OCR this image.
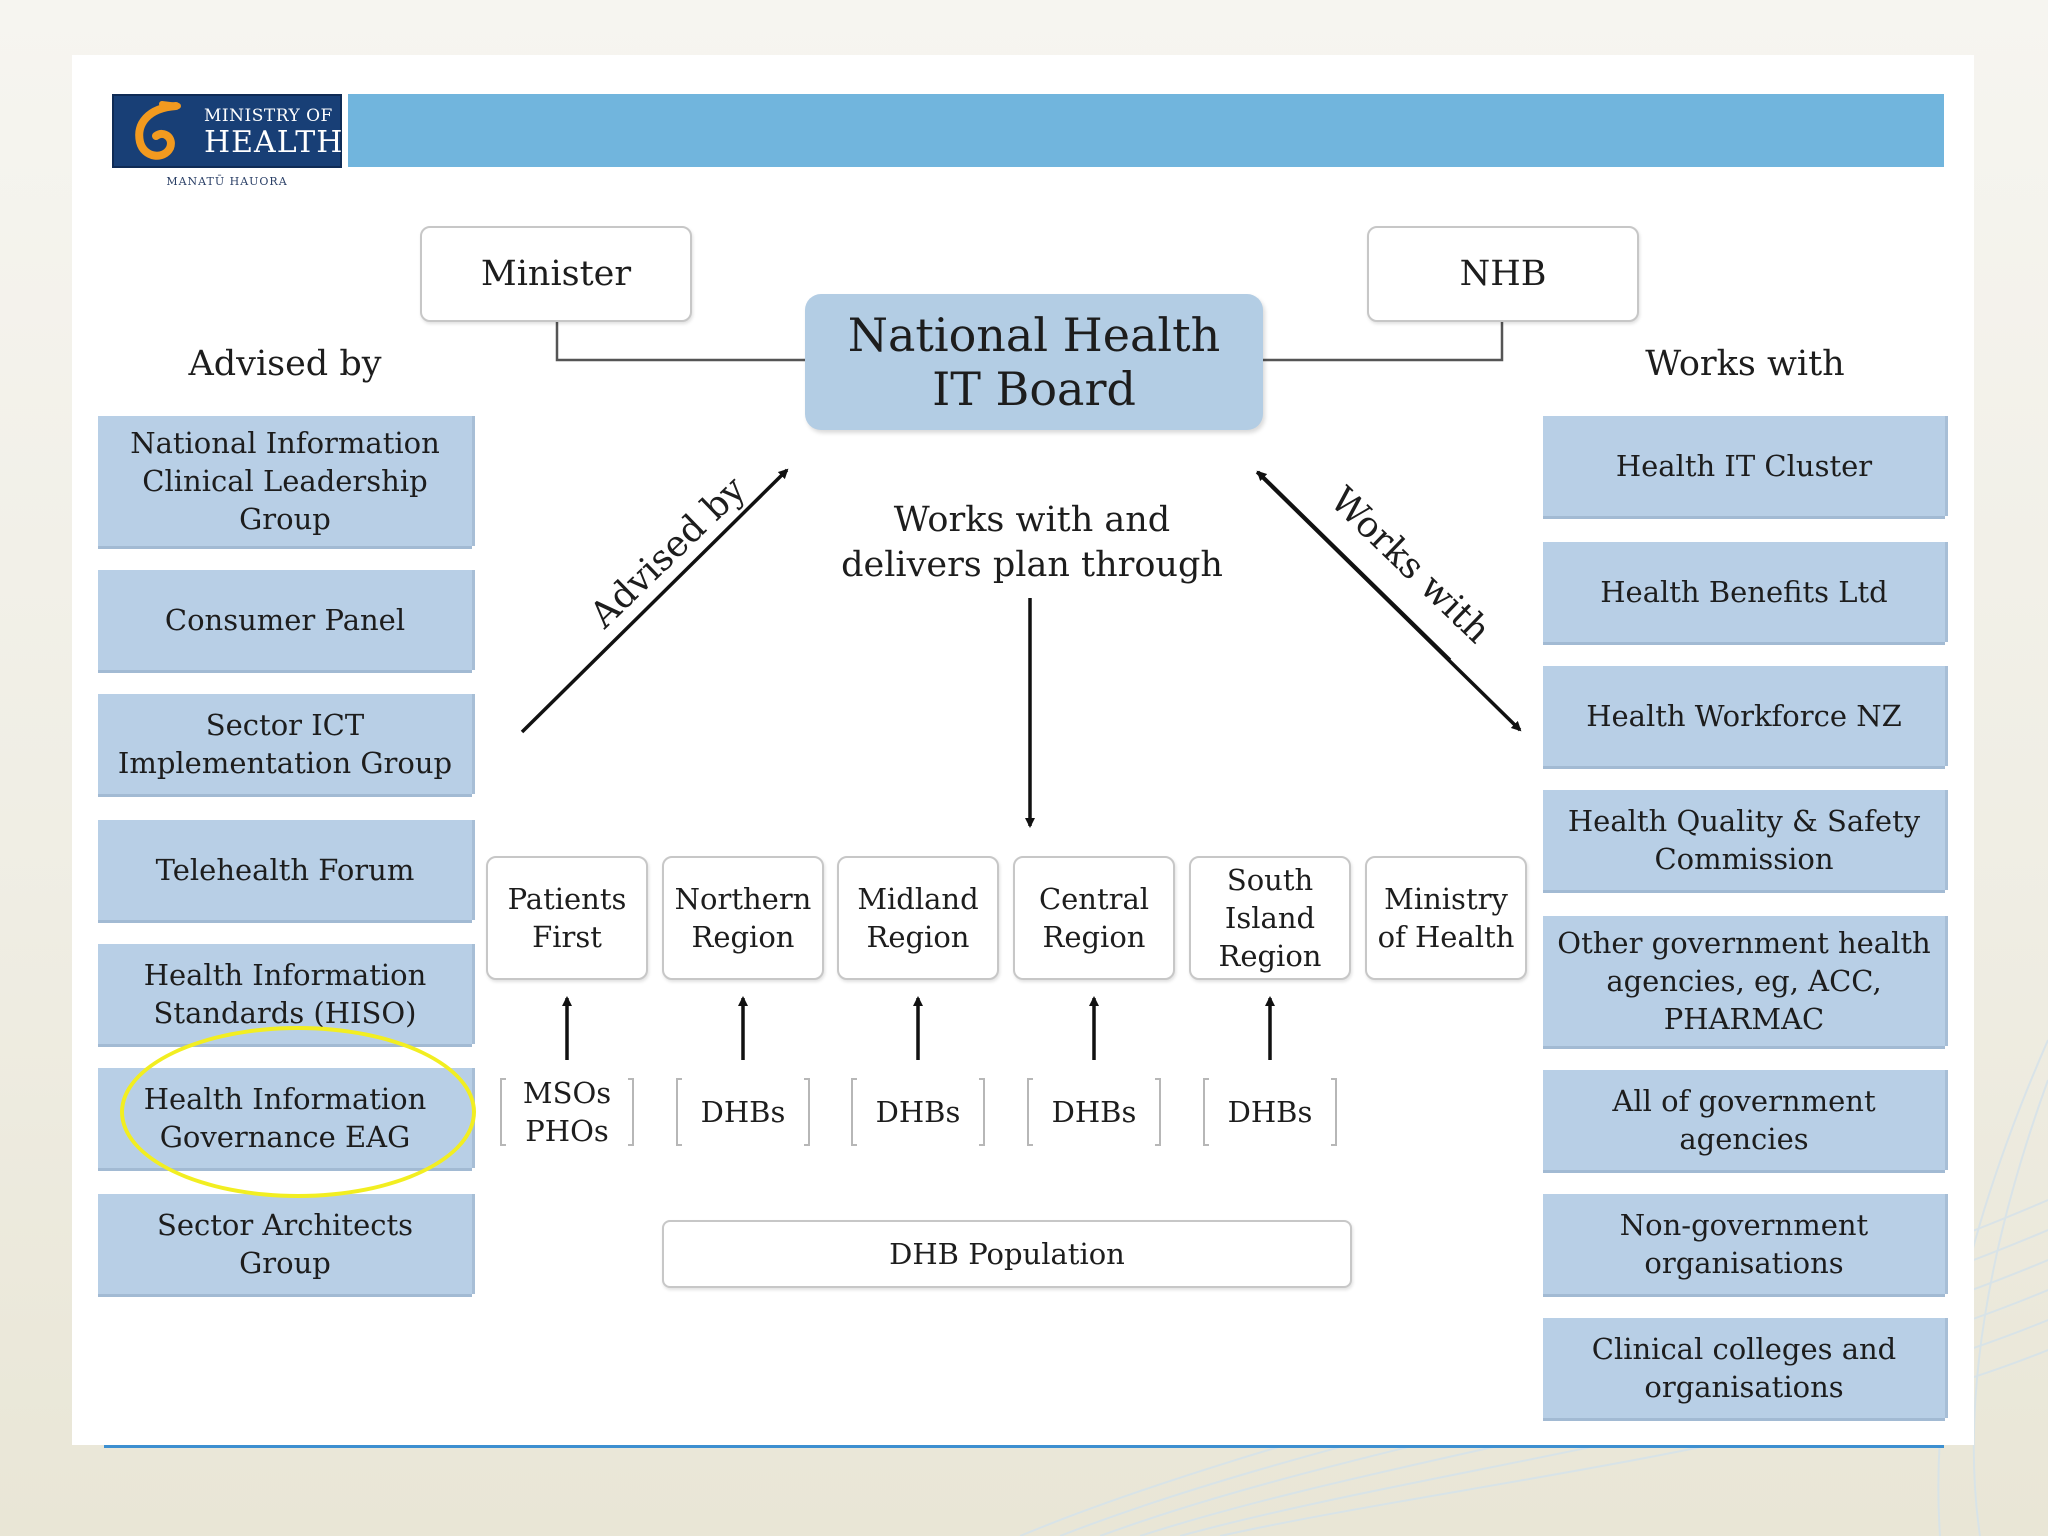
MINISTRY OF
HEALTH
MANATŪ HAUORA
Minister	NHB
National Health IT Board
Advised by	Works with
Works with and delivers plan through
Advised by	Works with
National Information Clinical Leadership Group
Consumer Panel
Sector ICT Implementation Group
Telehealth Forum
Health Information Standards (HISO)
Health Information Governance EAG
Sector Architects Group
Health IT Cluster
Health Benefits Ltd
Health Workforce NZ
Health Quality & Safety Commission
Other government health agencies, eg, ACC, PHARMAC
All of government agencies
Non-government organisations
Clinical colleges and organisations
Patients First
Northern Region
Midland Region
Central Region
South Island Region
Ministry of Health
MSOs PHOs
DHBs	DHBs	DHBs	DHBs
DHB Population
